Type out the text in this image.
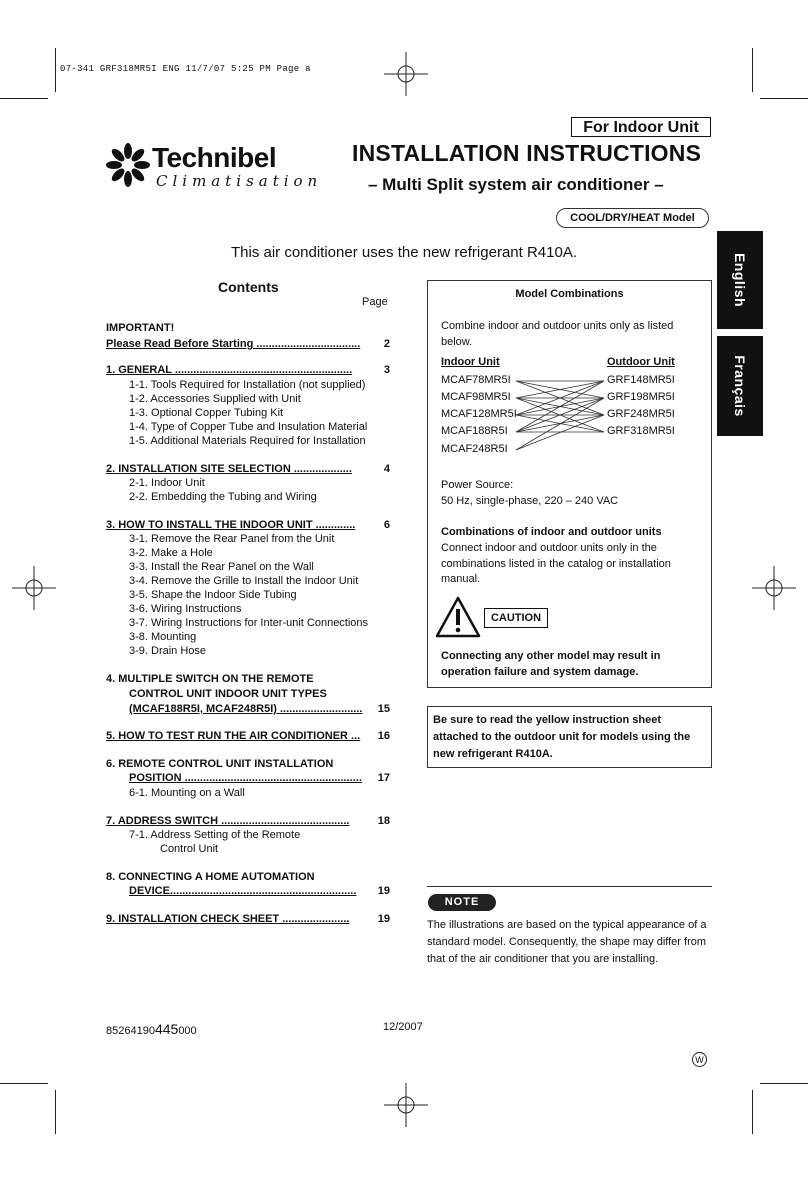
07-341 GRF318MR5I ENG 11/7/07 5:25 PM Page a
Technibel
Climatisation
For Indoor Unit
INSTALLATION INSTRUCTIONS
– Multi Split system air conditioner –
COOL/DRY/HEAT Model
This air conditioner uses the new refrigerant R410A.
English
Français
Contents
Page
IMPORTANT!
Please Read Before Starting .................................. 2
1. GENERAL ..........................................................	3
1-1. Tools Required for Installation (not supplied)
1-2. Accessories Supplied with Unit
1-3. Optional Copper Tubing Kit
1-4. Type of Copper Tube and Insulation Material
1-5. Additional Materials Required for Installation
2. INSTALLATION SITE SELECTION ...................	4
2-1. Indoor Unit
2-2. Embedding the Tubing and Wiring
3. HOW TO INSTALL THE INDOOR UNIT .............	6
3-1. Remove the Rear Panel from the Unit
3-2. Make a Hole
3-3. Install the Rear Panel on the Wall
3-4. Remove the Grille to Install the Indoor Unit
3-5. Shape the Indoor Side Tubing
3-6. Wiring Instructions
3-7. Wiring Instructions for Inter-unit Connections
3-8. Mounting
3-9. Drain Hose
4. MULTIPLE SWITCH ON THE REMOTE
CONTROL UNIT INDOOR UNIT TYPES
(MCAF188R5I, MCAF248R5I) ........................... 15
5. HOW TO TEST RUN THE AIR CONDITIONER ... 16
6. REMOTE CONTROL UNIT INSTALLATION
POSITION .......................................................... 17
6-1. Mounting on a Wall
7. ADDRESS SWITCH ..........................................	18
7-1. Address Setting of the Remote
Control Unit
8. CONNECTING A HOME AUTOMATION
DEVICE............................................................. 19
9. INSTALLATION CHECK SHEET ......................	19
Model Combinations
Combine indoor and outdoor units only as listed below.
Indoor Unit	Outdoor Unit
MCAF78MR5I
MCAF98MR5I
MCAF128MR5I
MCAF188R5I
MCAF248R5I
GRF148MR5I
GRF198MR5I
GRF248MR5I
GRF318MR5I
Power Source:
50 Hz, single-phase, 220 – 240 VAC
Combinations of indoor and outdoor units
Connect indoor and outdoor units only in the combinations listed in the catalog or installation manual.
CAUTION
Connecting any other model may result in operation failure and system damage.
Be sure to read the yellow instruction sheet attached to the outdoor unit for models using the new refrigerant R410A.
NOTE
The illustrations are based on the typical appearance of a standard model. Consequently, the shape may differ from that of the air conditioner that you are installing.
85264190445000	12/2007
W
